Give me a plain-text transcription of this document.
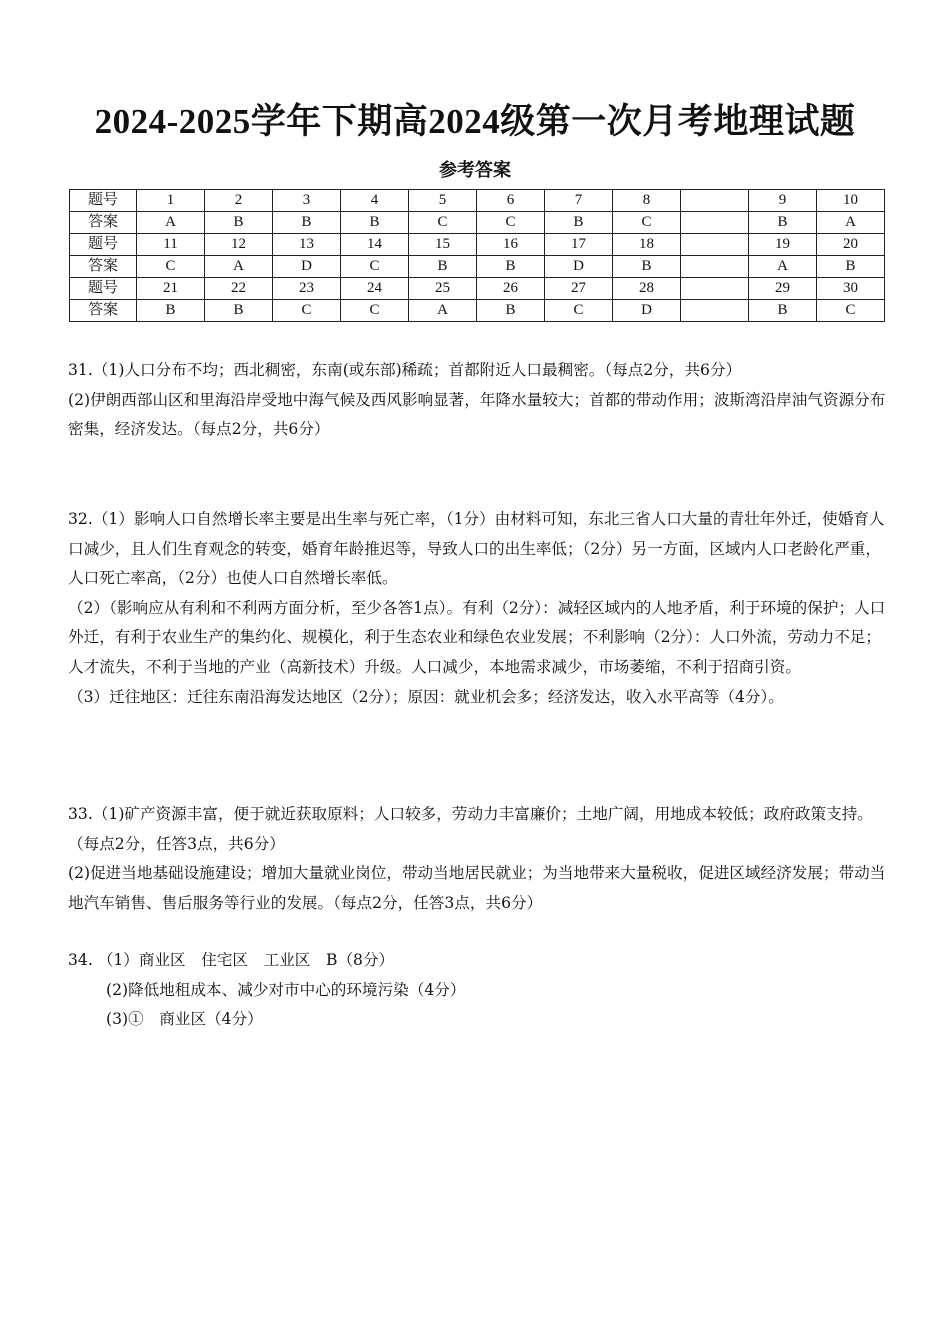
2024-2025学年下期高2024级第一次月考地理试题
参考答案
题号	1	2	3	4	5	6	7	8		9	10
答案	A	B	B	B	C	C	B	C		B	A
题号	11	12	13	14	15	16	17	18		19	20
答案	C	A	D	C	B	B	D	B		A	B
题号	21	22	23	24	25	26	27	28		29	30
答案	B	B	C	C	A	B	C	D		B	C

31.（1)人口分布不均；西北稠密，东南(或东部)稀疏；首都附近人口最稠密。（每点2分，共6分）

(2)伊朗西部山区和里海沿岸受地中海气候及西风影响显著，年降水量较大；首都的带动作用；波斯湾沿岸油气资源分布密集，经济发达。（每点2分，共6分）

32.（1）影响人口自然增长率主要是出生率与死亡率，（1分）由材料可知，东北三省人口大量的青壮年外迁，使婚育人口减少，且人们生育观念的转变，婚育年龄推迟等，导致人口的出生率低；（2分）另一方面，区域内人口老龄化严重，人口死亡率高，（2分）也使人口自然增长率低。

（2）（影响应从有利和不利两方面分析，至少各答1点）。有利（2分）：减轻区域内的人地矛盾，利于环境的保护；人口外迁，有利于农业生产的集约化、规模化，利于生态农业和绿色农业发展；不利影响（2分）：人口外流，劳动力不足；人才流失，不利于当地的产业（高新技术）升级。人口减少，本地需求减少，市场萎缩，不利于招商引资。

（3）迁往地区：迁往东南沿海发达地区（2分）；原因：就业机会多；经济发达，收入水平高等（4分）。

33.（1)矿产资源丰富，便于就近获取原料；人口较多，劳动力丰富廉价；土地广阔，用地成本较低；政府政策支持。（每点2分，任答3点，共6分）

(2)促进当地基础设施建设；增加大量就业岗位，带动当地居民就业；为当地带来大量税收，促进区域经济发展；带动当地汽车销售、售后服务等行业的发展。（每点2分，任答3点，共6分）

34. （1）商业区　住宅区　工业区　B（8分）

(2)降低地租成本、减少对市中心的环境污染（4分）

(3)①　商业区（4分）
